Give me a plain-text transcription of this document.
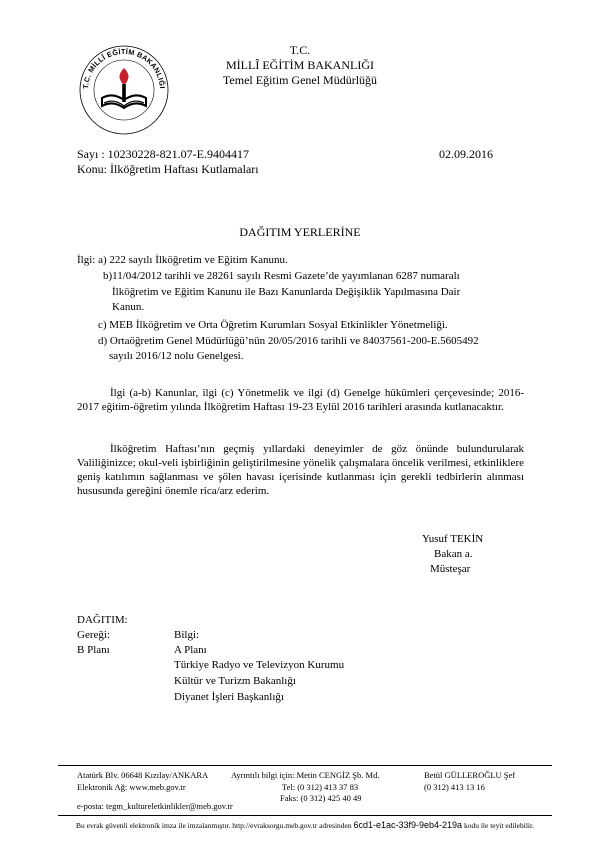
T.C. MİLLÎ EĞİTİM BAKANLIĞI
T.C.
MİLLÎ EĞİTİM BAKANLIĞI
Temel Eğitim Genel Müdürlüğü
Sayı : 10230228-821.07-E.9404417	02.09.2016
Konu: İlköğretim Haftası Kutlamaları
DAĞITIM YERLERİNE
İlgi: a) 222 sayılı İlköğretim ve Eğitim Kanunu.
b)11/04/2012 tarihli ve 28261 sayılı Resmi Gazete’de yayımlanan 6287 numaralı
İlköğretim ve Eğitim Kanunu ile Bazı Kanunlarda Değişiklik Yapılmasına Dair
Kanun.
c) MEB İlköğretim ve Orta Öğretim Kurumları Sosyal Etkinlikler Yönetmeliği.
d) Ortaöğretim Genel Müdürlüğü’nün 20/05/2016 tarihli ve 84037561-200-E.5605492
sayılı 2016/12 nolu Genelgesi.
İlgi (a-b) Kanunlar, ilgi (c) Yönetmelik ve ilgi (d) Genelge hükümleri çerçevesinde; 2016-2017 eğitim-öğretim yılında İlköğretim Haftası 19-23 Eylül 2016 tarihleri arasında kutlanacaktır.
İlköğretim Haftası’nın geçmiş yıllardaki deneyimler de göz önünde bulundurularak Valiliğinizce; okul-veli işbirliğinin geliştirilmesine yönelik çalışmalara öncelik verilmesi, etkinliklere geniş katılımın sağlanması ve şölen havası içerisinde kutlanması için gerekli tedbirlerin alınması hususunda gereğini önemle rica/arz ederim.
Yusuf TEKİN
Bakan a.
Müsteşar
DAĞITIM:
Gereği:
B Planı
Bilgi:
A Planı
Türkiye Radyo ve Televizyon Kurumu
Kültür ve Turizm Bakanlığı
Diyanet İşleri Başkanlığı
Atatürk Blv. 06648 Kızılay/ANKARA
Elektronik Ağ: www.meb.gov.tr
e-posta: tegm_kultureletkinlikler@meb.gov.tr
Ayrıntılı bilgi için: Metin CENGİZ Şb. Md.
Tel: (0 312) 413 37 83
Faks: (0 312) 425 40 49
Betül GÜLLEROĞLU Şef
(0 312) 413 13 16
Bu evrak güvenli elektronik imza ile imzalanmıştır. http://evraksorgu.meb.gov.tr adresinden 6cd1-e1ac-33f9-9eb4-219a kodu ile teyit edilebilir.
